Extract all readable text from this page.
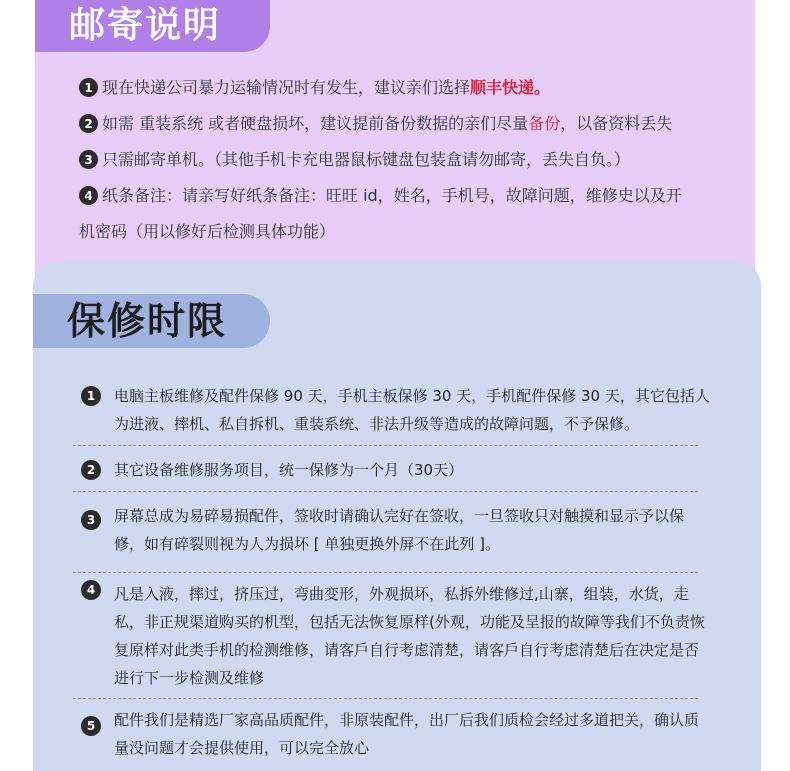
邮寄说明
1 现在快递公司暴力运输情况时有发生，建议亲们选择顺丰快递。
2 如需 重装系统 或者硬盘损坏，建议提前备份数据的亲们尽量备份，以备资料丢失
3 只需邮寄单机。（其他手机卡充电器鼠标键盘包装盒请勿邮寄，丢失自负。）
4 纸条备注：请亲写好纸条备注：旺旺 id，姓名，手机号，故障问题，维修史以及开
机密码（用以修好后检测具体功能）
保修时限
1	电脑主板维修及配件保修 90 天，手机主板保修 30 天，手机配件保修 30 天，其它包括人为进液、摔机、私自拆机、重装系统、非法升级等造成的故障问题，不予保修。
2	其它设备维修服务项目，统一保修为一个月（30天）
3	屏幕总成为易碎易损配件，签收时请确认完好在签收，一旦签收只对触摸和显示予以保修，如有碎裂则视为人为损坏 [ 单独更换外屏不在此列 ]。
4	凡是入液，摔过，挤压过，弯曲变形，外观损坏，私拆外维修过,山寨，组装，水货，走私，非正规渠道购买的机型，包括无法恢复原样(外观，功能及呈报的故障等我们不负责恢复原样对此类手机的检测维修，请客戶自行考虑清楚，请客戶自行考虑清楚后在决定是否进行下一步检测及维修
5	配件我们是精选厂家高品质配件，非原装配件，出厂后我们质检会经过多道把关，确认质量没问题才会提供使用，可以完全放心
